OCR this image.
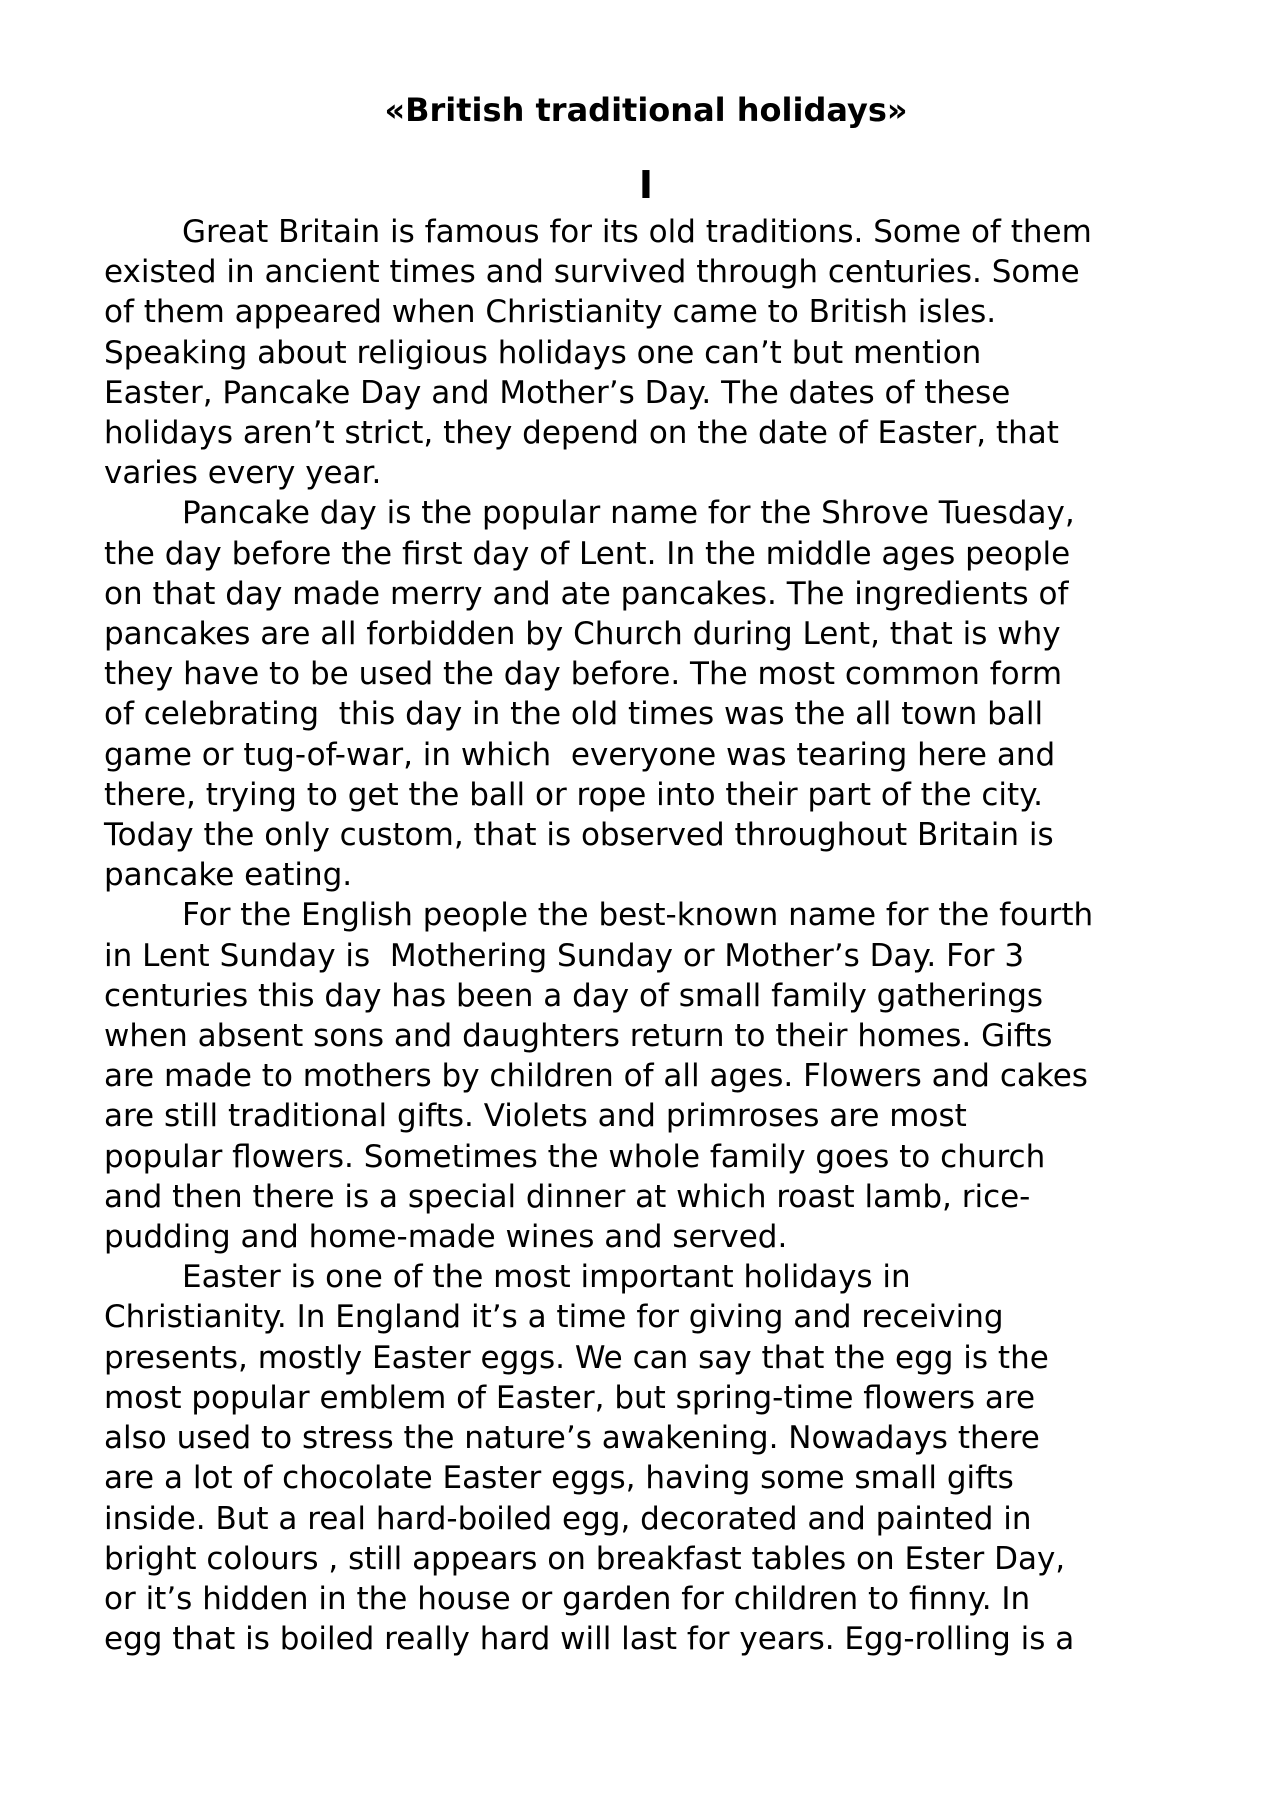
«British traditional holidays»
I

Great Britain is famous for its old traditions. Some of them
existed in ancient times and survived through centuries. Some
of them appeared when Christianity came to British isles.
Speaking about religious holidays one can’t but mention
Easter, Pancake Day and Mother’s Day. The dates of these
holidays aren’t strict, they depend on the date of Easter, that
varies every year.

Pancake day is the popular name for the Shrove Tuesday,
the day before the first day of Lent. In the middle ages people
on that day made merry and ate pancakes. The ingredients of
pancakes are all forbidden by Church during Lent, that is why
they have to be used the day before. The most common form
of celebrating  this day in the old times was the all town ball
game or tug-of-war, in which  everyone was tearing here and
there, trying to get the ball or rope into their part of the city.
Today the only custom, that is observed throughout Britain is
pancake eating.

For the English people the best-known name for the fourth
in Lent Sunday is  Mothering Sunday or Mother’s Day. For 3
centuries this day has been a day of small family gatherings
when absent sons and daughters return to their homes. Gifts
are made to mothers by children of all ages. Flowers and cakes
are still traditional gifts. Violets and primroses are most
popular flowers. Sometimes the whole family goes to church
and then there is a special dinner at which roast lamb, rice-
pudding and home-made wines and served.

Easter is one of the most important holidays in
Christianity. In England it’s a time for giving and receiving
presents, mostly Easter eggs. We can say that the egg is the
most popular emblem of Easter, but spring-time flowers are
also used to stress the nature’s awakening. Nowadays there
are a lot of chocolate Easter eggs, having some small gifts
inside. But a real hard-boiled egg, decorated and painted in
bright colours , still appears on breakfast tables on Ester Day,
or it’s hidden in the house or garden for children to finny. In
egg that is boiled really hard will last for years. Egg-rolling is a
